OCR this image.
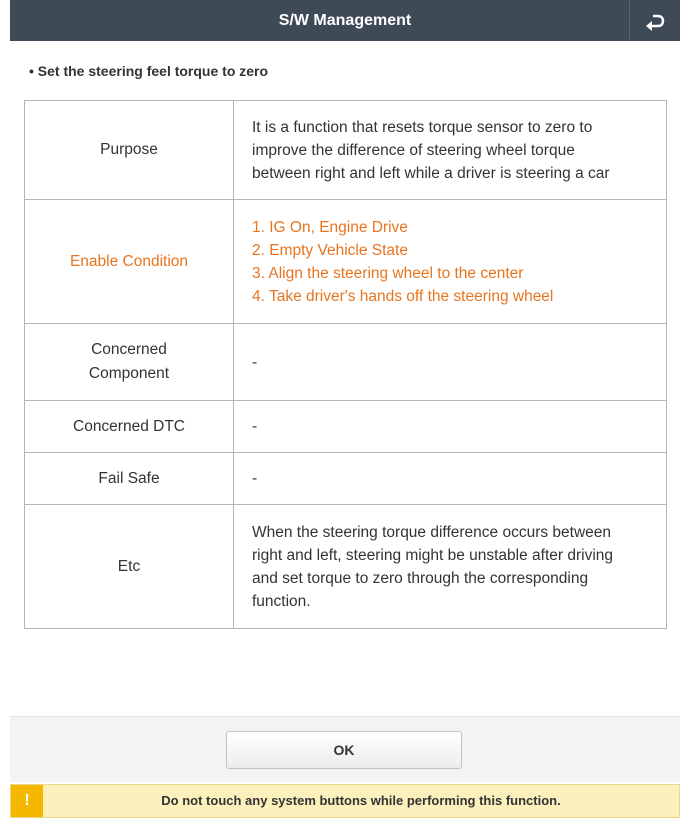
S/W Management
• Set the steering feel torque to zero
Purpose	It is a function that resets torque sensor to zero to
improve the difference of steering wheel torque
between right and left while a driver is steering a car

Enable Condition	1. IG On, Engine Drive
2. Empty Vehicle State
3. Align the steering wheel to the center
4. Take driver's hands off the steering wheel

Concerned
Component	-
Concerned DTC	-
Fail Safe	-
Etc	When the steering torque difference occurs between
right and left, steering might be unstable after driving
and set torque to zero through the corresponding
function.
OK
!	Do not touch any system buttons while performing this function.
